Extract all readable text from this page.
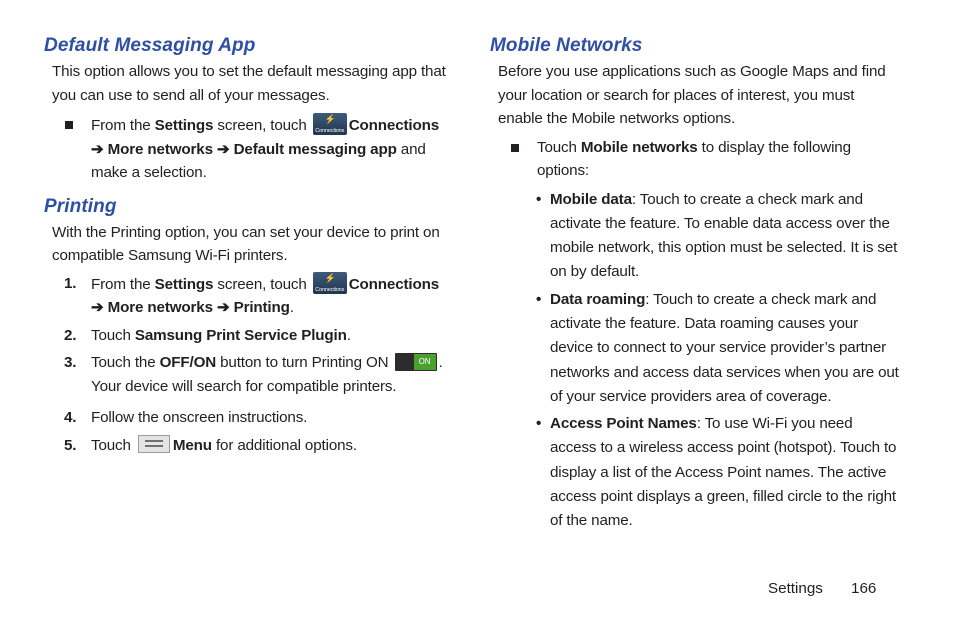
Default Messaging App
This option allows you to set the default messaging app that you can use to send all of your messages.
From the Settings screen, touch ⚡
Connections Connections ➔ More networks ➔ Default messaging app and make a selection.
Printing
With the Printing option, you can set your device to print on compatible Samsung Wi-Fi printers.
1. From the Settings screen, touch ⚡
Connections Connections ➔ More networks ➔ Printing.
2. Touch Samsung Print Service Plugin.
3. Touch the OFF/ON button to turn Printing ON	ON . Your device will search for compatible printers.
4. Follow the onscreen instructions.
5. Touch	Menu for additional options.
Mobile Networks
Before you use applications such as Google Maps and find your location or search for places of interest, you must enable the Mobile networks options.
Touch Mobile networks to display the following options:
• Mobile data: Touch to create a check mark and activate the feature. To enable data access over the mobile network, this option must be selected. It is set on by default.
• Data roaming: Touch to create a check mark and activate the feature. Data roaming causes your device to connect to your service provider’s partner networks and access data services when you are out of your service providers area of coverage.
• Access Point Names: To use Wi-Fi you need access to a wireless access point (hotspot). Touch to display a list of the Access Point names. The active access point displays a green, filled circle to the right of the name.
Settings 166
